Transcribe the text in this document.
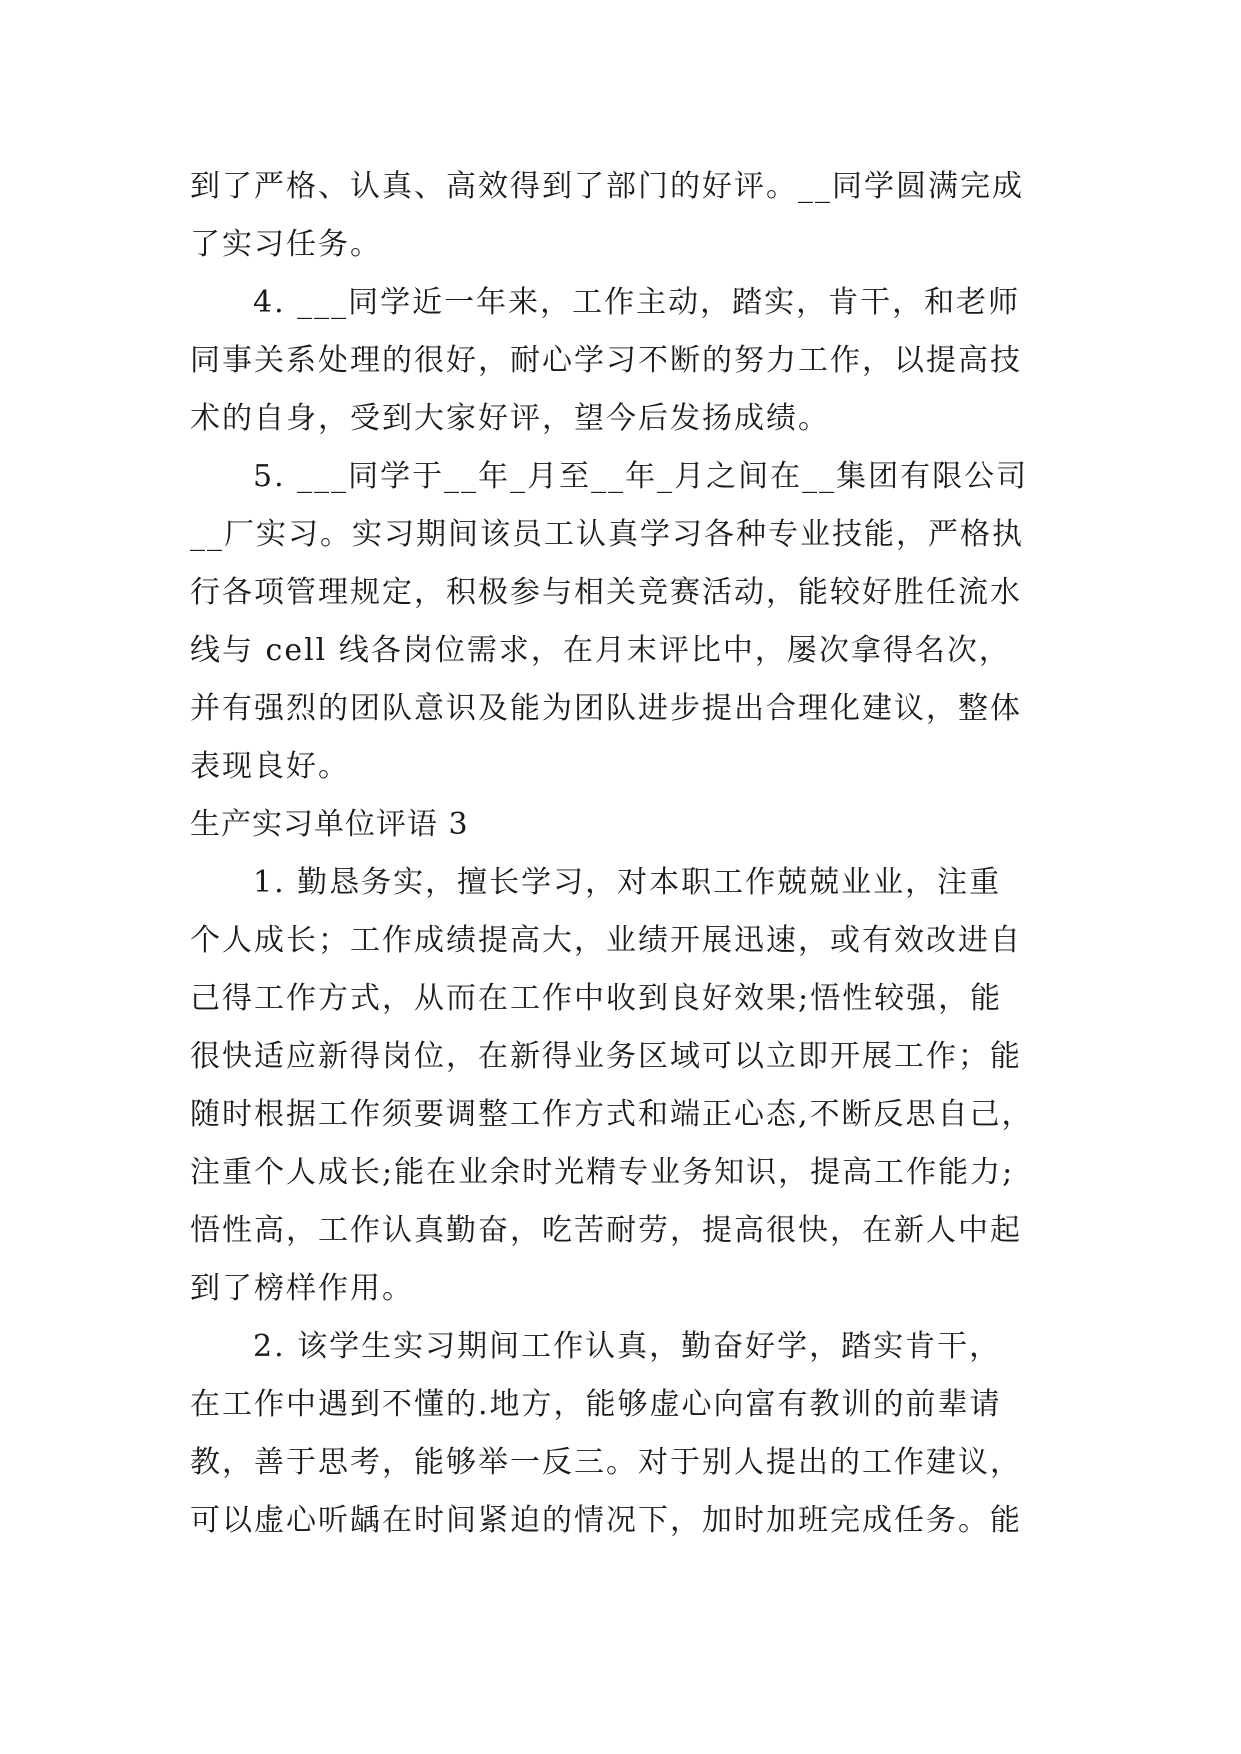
到了严格、认真、高效得到了部门的好评。__同学圆满完成
了实习任务。
4. ___同学近一年来，工作主动，踏实，肯干，和老师
同事关系处理的很好，耐心学习不断的努力工作，以提高技
术的自身，受到大家好评，望今后发扬成绩。
5. ___同学于__年_月至__年_月之间在__集团有限公司
__厂实习。实习期间该员工认真学习各种专业技能，严格执
行各项管理规定，积极参与相关竞赛活动，能较好胜任流水
线与 cell 线各岗位需求，在月末评比中，屡次拿得名次，
并有强烈的团队意识及能为团队进步提出合理化建议，整体
表现良好。
生产实习单位评语 3
1. 勤恳务实，擅长学习，对本职工作兢兢业业，注重
个人成长；工作成绩提高大，业绩开展迅速，或有效改进自
己得工作方式，从而在工作中收到良好效果;悟性较强，能
很快适应新得岗位，在新得业务区域可以立即开展工作；能
随时根据工作须要调整工作方式和端正心态,不断反思自己，
注重个人成长;能在业余时光精专业务知识，提高工作能力;
悟性高，工作认真勤奋，吃苦耐劳，提高很快，在新人中起
到了榜样作用。
2. 该学生实习期间工作认真，勤奋好学，踏实肯干，
在工作中遇到不懂的.地方，能够虚心向富有教训的前辈请
教，善于思考，能够举一反三。对于别人提出的工作建议，
可以虚心听龋在时间紧迫的情况下，加时加班完成任务。能
